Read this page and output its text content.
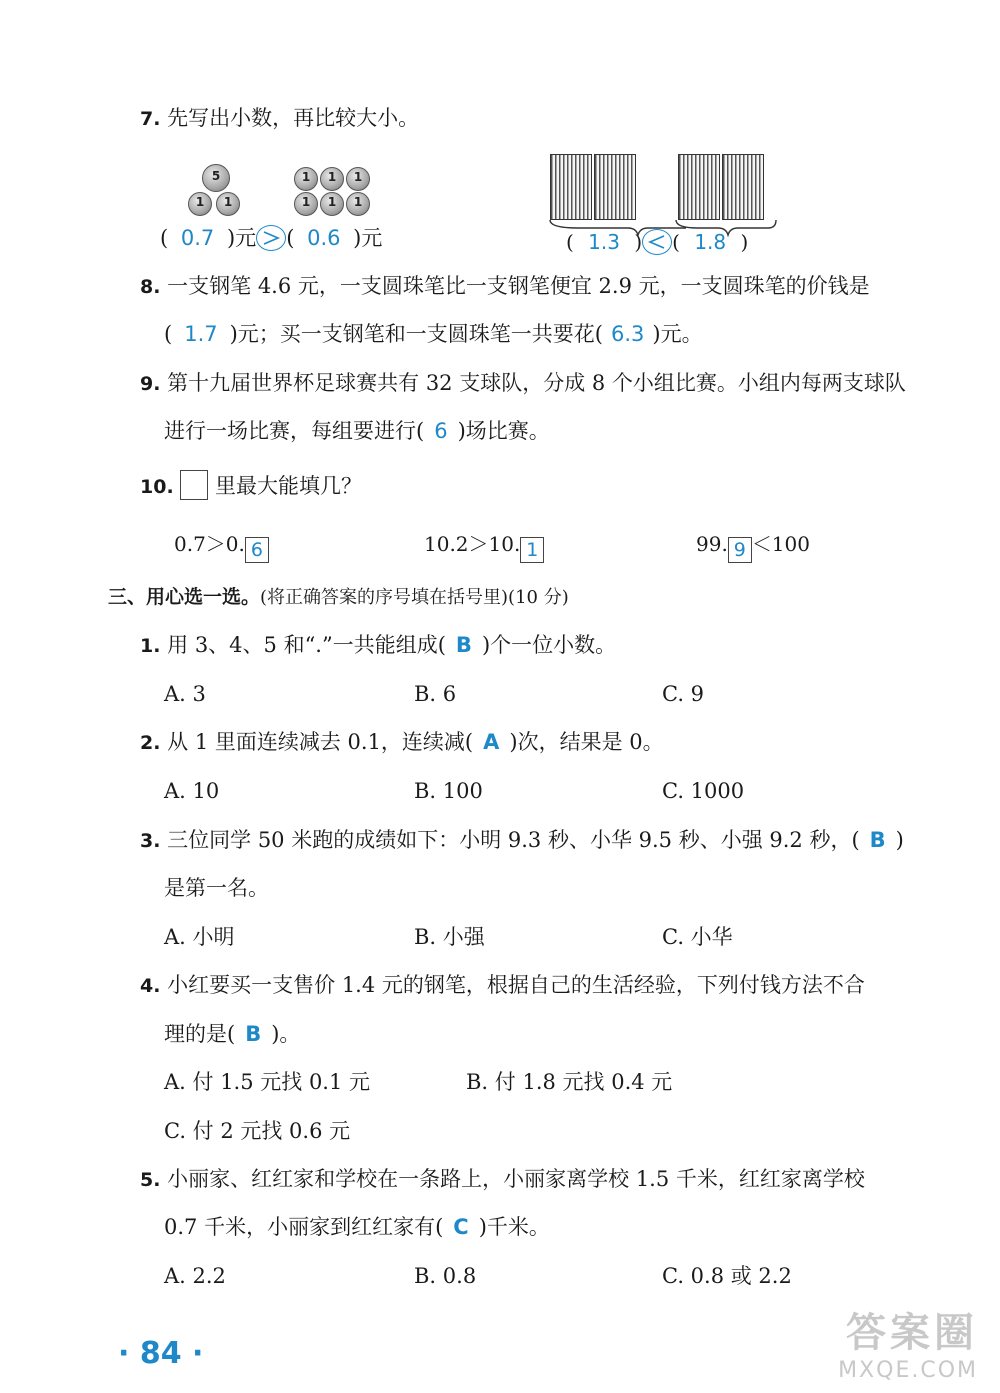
7. 先写出小数，再比较大小。
5
1	1
1	1	1
1	1	1
( 0.7 )元 ( 0.6 )元	( 1.3 ) ( 1.8 )
8. 一支钢笔 4.6 元，一支圆珠笔比一支钢笔便宜 2.9 元，一支圆珠笔的价钱是
( 1.7 )元；买一支钢笔和一支圆珠笔一共要花( 6.3 )元。
9. 第十九届世界杯足球赛共有 32 支球队，分成 8 个小组比赛。小组内每两支球队
进行一场比赛，每组要进行( 6 )场比赛。
10. 里最大能填几？
0.7＞0. 6	10.2＞10. 1	99. 9 ＜100
三、用心选一选。(将正确答案的序号填在括号里)(10 分)
1. 用 3、4、5 和“.”一共能组成( B )个一位小数。
A. 3	B. 6	C. 9
2. 从 1 里面连续减去 0.1，连续减( A )次，结果是 0。
A. 10	B. 100	C. 1000
3. 三位同学 50 米跑的成绩如下：小明 9.3 秒、小华 9.5 秒、小强 9.2 秒，( B )
是第一名。
A. 小明	B. 小强	C. 小华
4. 小红要买一支售价 1.4 元的钢笔，根据自己的生活经验，下列付钱方法不合
理的是( B )。
A. 付 1.5 元找 0.1 元	B. 付 1.8 元找 0.4 元
C. 付 2 元找 0.6 元
5. 小丽家、红红家和学校在一条路上，小丽家离学校 1.5 千米，红红家离学校
0.7 千米，小丽家到红红家有( C )千米。
A. 2.2	B. 0.8	C. 0.8 或 2.2
· 84 ·	答案圈
MXQE.COM
